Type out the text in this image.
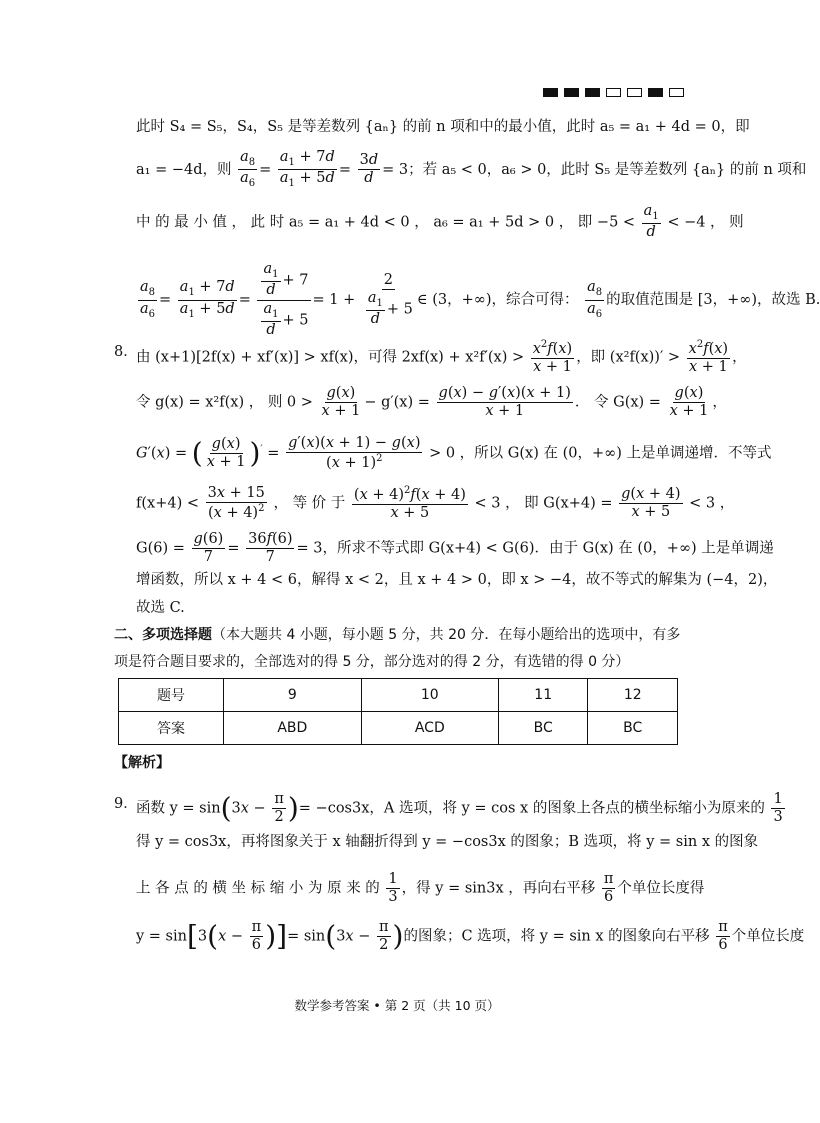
此时 S₄ = S₅，S₄，S₅ 是等差数列 {aₙ} 的前 n 项和中的最小值，此时 a₅ = a₁ + 4d = 0，即
a₁ = −4d，则 $\frac{a_8}{a_6} = \frac{a_1 + 7d}{a_1 + 5d} = \frac{3d}{d} = 3$；若 a₅ < 0，a₆ > 0，此时 S₅ 是等差数列 {aₙ} 的前 n 项和
中 的 最 小 值 ， 此 时 a₅ = a₁ + 4d < 0 ， a₆ = a₁ + 5d > 0 ， 即 $-5 < \frac{a_1}{d} < -4$ ， 则
$\frac{a_8}{a_6} = \frac{a_1 + 7d}{a_1 + 5d} = \frac{\frac{a_1}{d} + 7}{\frac{a_1}{d} + 5} = 1 + \frac{2}{\frac{a_1}{d} + 5}$ ∈ (3，+∞)，综合可得： $\frac{a_8}{a_6}$ 的取值范围是 [3，+∞)，故选 B.
8．
由 (x+1)[2f(x) + xf′(x)] > xf(x)，可得 $2xf(x) + x^2f'(x) > \frac{x^2f(x)}{x + 1}$ ，即 $(x^2f(x))' > \frac{x^2f(x)}{x + 1}$ ，
令 g(x) = x²f(x) ， 则 $0 > \frac{g(x)}{x + 1} - g'(x) = \frac{g(x) - g'(x)(x + 1)}{x + 1}$ ． 令 $G(x) = \frac{g(x)}{x + 1}$ ，
G′(x) = ( $\frac{g(x)}{x + 1} )' = \frac{g'(x)(x + 1) - g(x)}{(x + 1)^2} > 0$ ，所以 G(x) 在 (0，+∞) 上是单调递增．不等式
$f(x+4) < \frac{3x + 15}{(x + 4)^2}$ ， 等 价 于 $\frac{(x + 4)^2f(x + 4)}{x + 5} < 3$ ， 即 $G(x+4) = \frac{g(x + 4)}{x + 5} < 3$ ，
$G(6) = \frac{g(6)}{7} = \frac{36f(6)}{7} = 3$，所求不等式即 G(x+4) < G(6)．由于 G(x) 在 (0，+∞) 上是单调递
增函数，所以 x + 4 < 6，解得 x < 2，且 x + 4 > 0，即 x > −4，故不等式的解集为 (−4，2)，
故选 C.
二、多项选择题（本大题共 4 小题，每小题 5 分，共 20 分．在每小题给出的选项中，有多
项是符合题目要求的，全部选对的得 5 分，部分选对的得 2 分，有选错的得 0 分）
题号	9	10	11	12
答案	ABD	ACD	BC	BC
【解析】
9．
函数 $y = \sin(3x - \frac{\pi}{2}$ )= −cos3x，A 选项，将 y = cos x 的图象上各点的横坐标缩小为原来的 $\frac{1}{3}$
得 y = cos3x，再将图象关于 x 轴翻折得到 y = −cos3x 的图象；B 选项，将 y = sin x 的图象
上 各 点 的 横 坐 标 缩 小 为 原 来 的 $\frac{1}{3}$ ，得 y = sin3x ，再向右平移 $\frac{\pi}{6}$ 个单位长度得
$y = \sin[3(x - \frac{\pi}{6}$ )]= $\sin(3x - \frac{\pi}{2}$ )的图象；C 选项，将 y = sin x 的图象向右平移 $\frac{\pi}{6}$ 个单位长度
数学参考答案 • 第 2 页（共 10 页）
